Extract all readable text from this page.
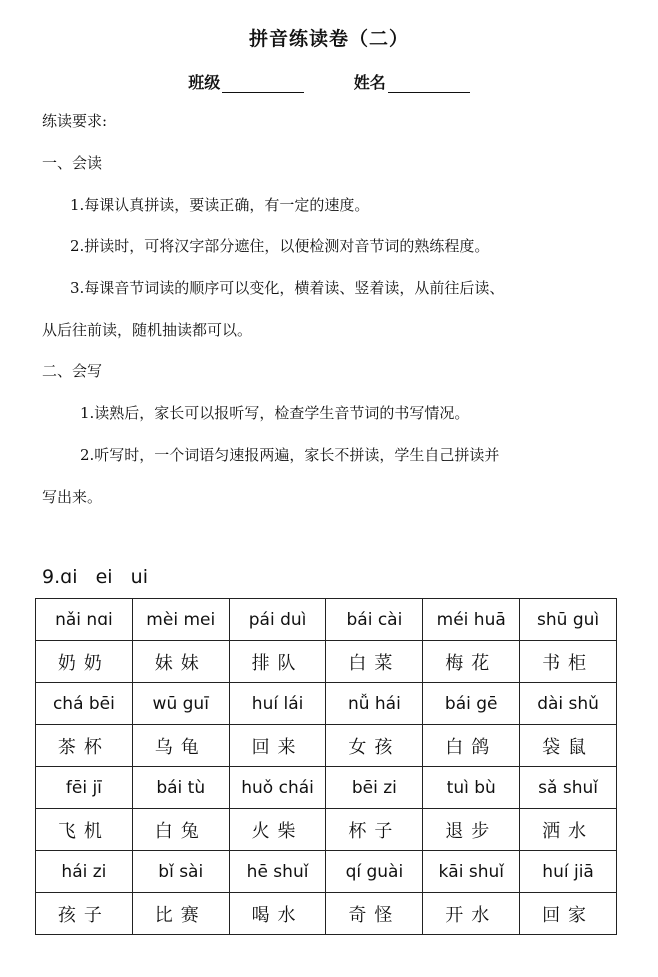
拼音练读卷（二）
班级	姓名
练读要求:
一、会读
1.每课认真拼读，要读正确，有一定的速度。
2.拼读时，可将汉字部分遮住，以便检测对音节词的熟练程度。
3.每课音节词读的顺序可以变化，横着读、竖着读，从前往后读、
从后往前读，随机抽读都可以。
二、会写
1.读熟后，家长可以报听写，检查学生音节词的书写情况。
2.听写时，一个词语匀速报两遍，家长不拼读，学生自己拼读并
写出来。
9.ɑi   ei   ui
nǎi nɑi	mèi mei	pái duì	bái cài	méi huā	shū guì
奶奶	妹妹	排队	白菜	梅花	书柜
chá bēi	wū guī	huí lái	nǚ hái	bái gē	dài shǔ
茶杯	乌龟	回来	女孩	白鸽	袋鼠
fēi jī	bái tù	huǒ chái	bēi zi	tuì bù	sǎ shuǐ
飞机	白兔	火柴	杯子	退步	洒水
hái zi	bǐ sài	hē shuǐ	qí guài	kāi shuǐ	huí jiā
孩子	比赛	喝水	奇怪	开水	回家
